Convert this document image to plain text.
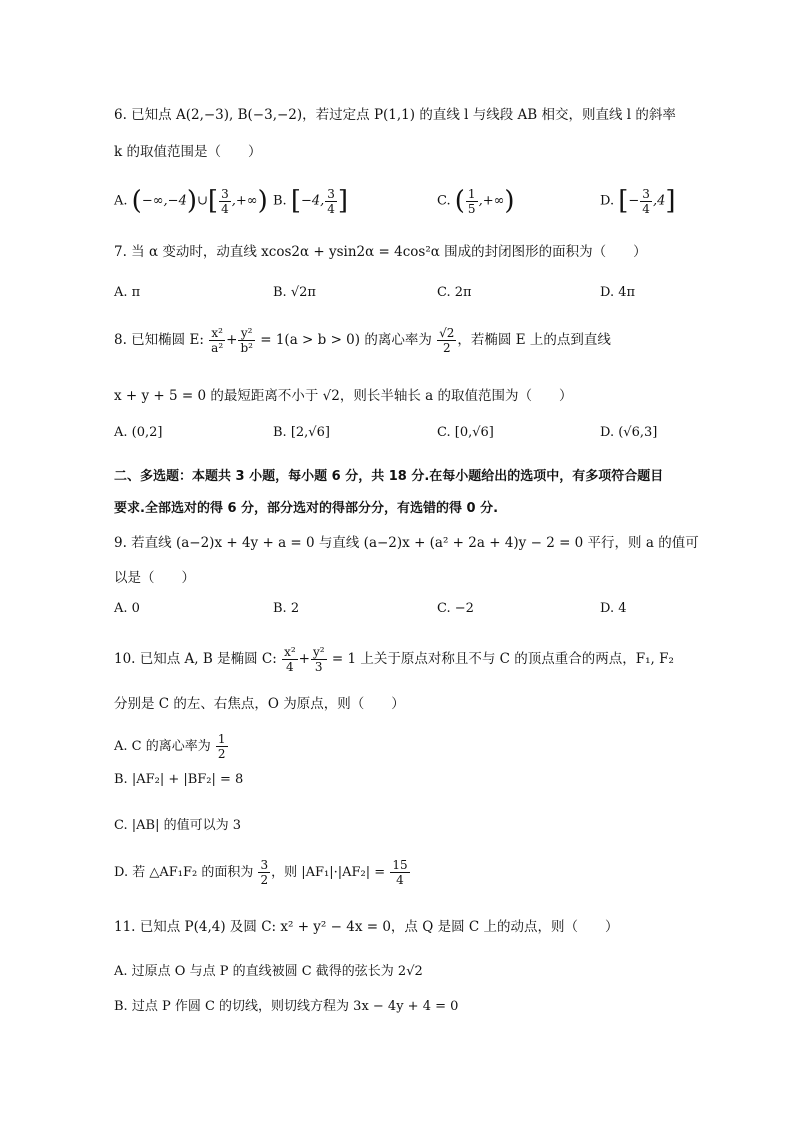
6. 已知点 A(2,−3), B(−3,−2)，若过定点 P(1,1) 的直线 l 与线段 AB 相交，则直线 l 的斜率
k 的取值范围是（　　）
A. (−∞,−4)∪[ $\frac{3}{4}$ ,+∞) B. [−4, $\frac{3}{4}$ ]	C. ( $\frac{1}{5}$ ,+∞)	D. [− $\frac{3}{4} ,4$]
7. 当 α 变动时，动直线 xcos2α + ysin2α = 4cos²α 围成的封闭图形的面积为（　　）
A. π	B. √2π	C. 2π	D. 4π
8. 已知椭圆 E: $\frac{\text{x²}}{\text{a²}} + \frac{\text{y²}}{\text{b²}} = 1(a > b > 0)$ 的离心率为 $\frac{√2}{2}$ ，若椭圆 E 上的点到直线
x + y + 5 = 0 的最短距离不小于 √2，则长半轴长 a 的取值范围为（　　）
A. (0,2]	B. [2,√6]	C. [0,√6]	D. (√6,3]
二、多选题：本题共 3 小题，每小题 6 分，共 18 分.在每小题给出的选项中，有多项符合题目
要求.全部选对的得 6 分，部分选对的得部分分，有选错的得 0 分.
9. 若直线 (a−2)x + 4y + a = 0 与直线 (a−2)x + (a² + 2a + 4)y − 2 = 0 平行，则 a 的值可
以是（　　）
A. 0	B. 2	C. −2	D. 4
10. 已知点 A, B 是椭圆 C: $\frac{\text{x²}}{4} + \frac{\text{y²}}{3} = 1$ 上关于原点对称且不与 C 的顶点重合的两点，F₁, F₂
分别是 C 的左、右焦点，O 为原点，则（　　）
A. C 的离心率为 $\frac{1}{2}$
B. |AF₂| + |BF₂| = 8
C. |AB| 的值可以为 3
D. 若 △AF₁F₂ 的面积为 $\frac{3}{2}$ ，则 $|AF_1|\cdot|AF_2| = \frac{15}{4}$
11. 已知点 P(4,4) 及圆 C: x² + y² − 4x = 0，点 Q 是圆 C 上的动点，则（　　）
A. 过原点 O 与点 P 的直线被圆 C 截得的弦长为 2√2
B. 过点 P 作圆 C 的切线，则切线方程为 3x − 4y + 4 = 0
